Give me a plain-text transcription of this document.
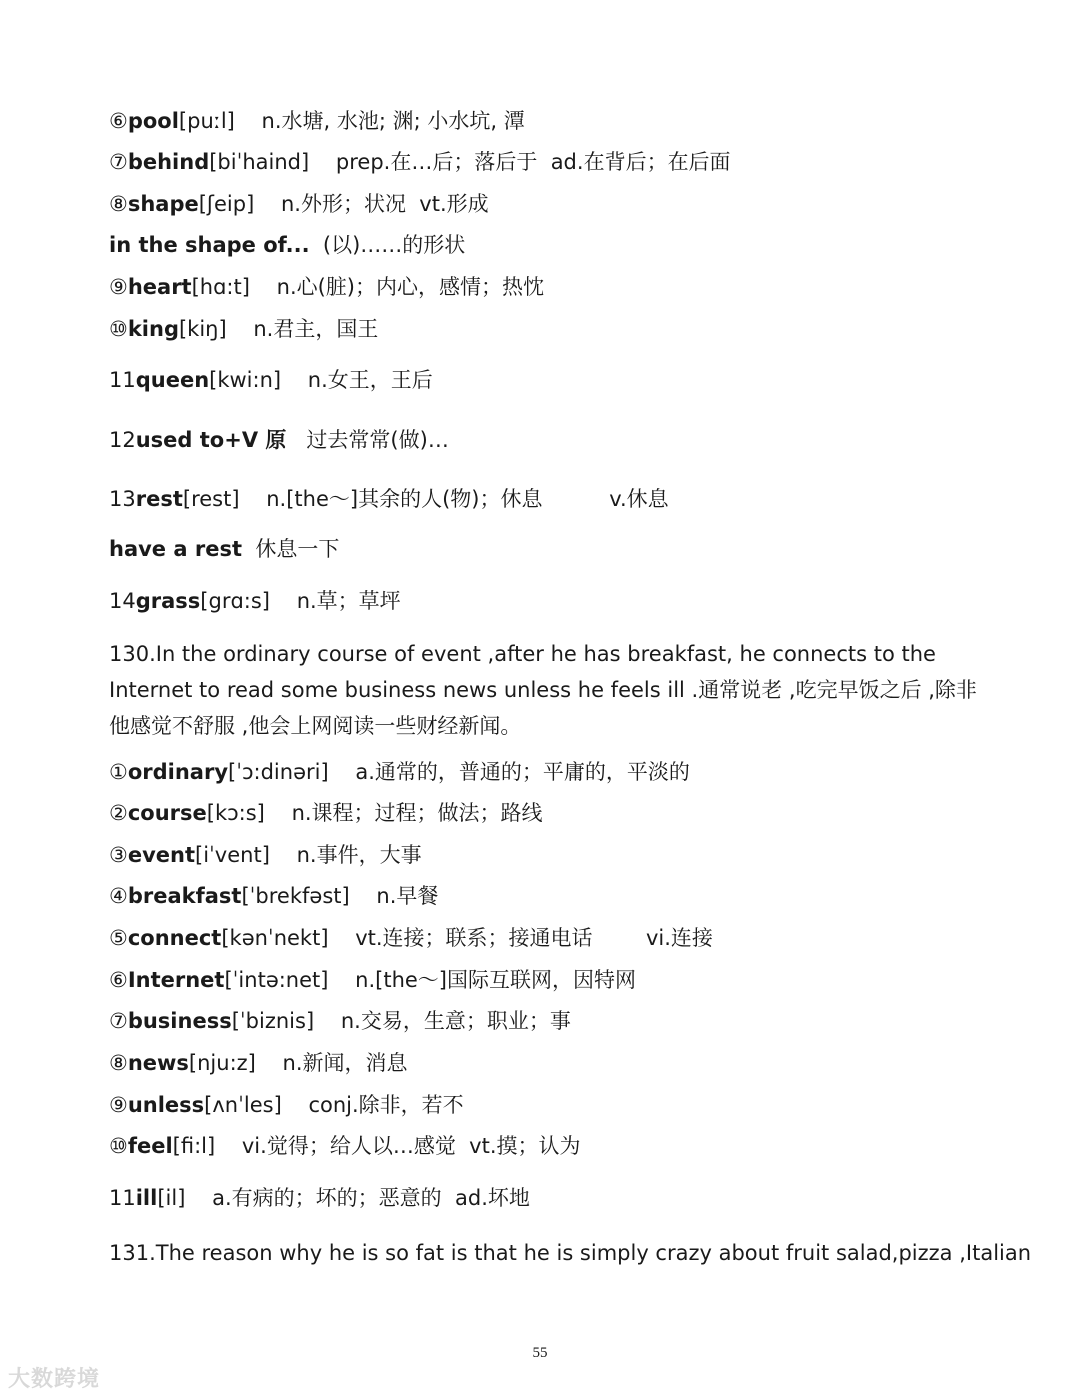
⑥pool[puːl]    n.水塘, 水池; 渊; 小水坑, 潭
⑦behind[biˈhaind]    prep.在…后；落后于  ad.在背后；在后面
⑧shape[ʃeip]    n.外形；状况  vt.形成
in the shape of...  (以)……的形状
⑨heart[hɑ:t]    n.心(脏)；内心，感情；热忱
⑩king[kiŋ]    n.君主，国王
11queen[kwi:n]    n.女王，王后
12used to+V 原   过去常常(做)…
13rest[rest]    n.[the～]其余的人(物)；休息          v.休息
have a rest  休息一下
14grass[grɑ:s]    n.草；草坪
130.In the ordinary course of event ,after he has breakfast, he connects to the Internet to read some business news unless he feels ill .通常说老 ,吃完早饭之后 ,除非他感觉不舒服 ,他会上网阅读一些财经新闻。
①ordinary[ˈɔ:dinəri]    a.通常的，普通的；平庸的，平淡的
②course[kɔ:s]    n.课程；过程；做法；路线
③event[iˈvent]    n.事件，大事
④breakfast[ˈbrekfəst]    n.早餐
⑤connect[kənˈnekt]    vt.连接；联系；接通电话        vi.连接
⑥Internet[ˈintə:net]    n.[the～]国际互联网，因特网
⑦business[ˈbiznis]    n.交易，生意；职业；事
⑧news[nju:z]    n.新闻，消息
⑨unless[ʌnˈles]    conj.除非，若不
⑩feel[fi:l]    vi.觉得；给人以…感觉  vt.摸；认为
11ill[il]    a.有病的；坏的；恶意的  ad.坏地
131.The reason why he is so fat is that he is simply crazy about fruit salad,pizza ,Italian
55
大数跨境
